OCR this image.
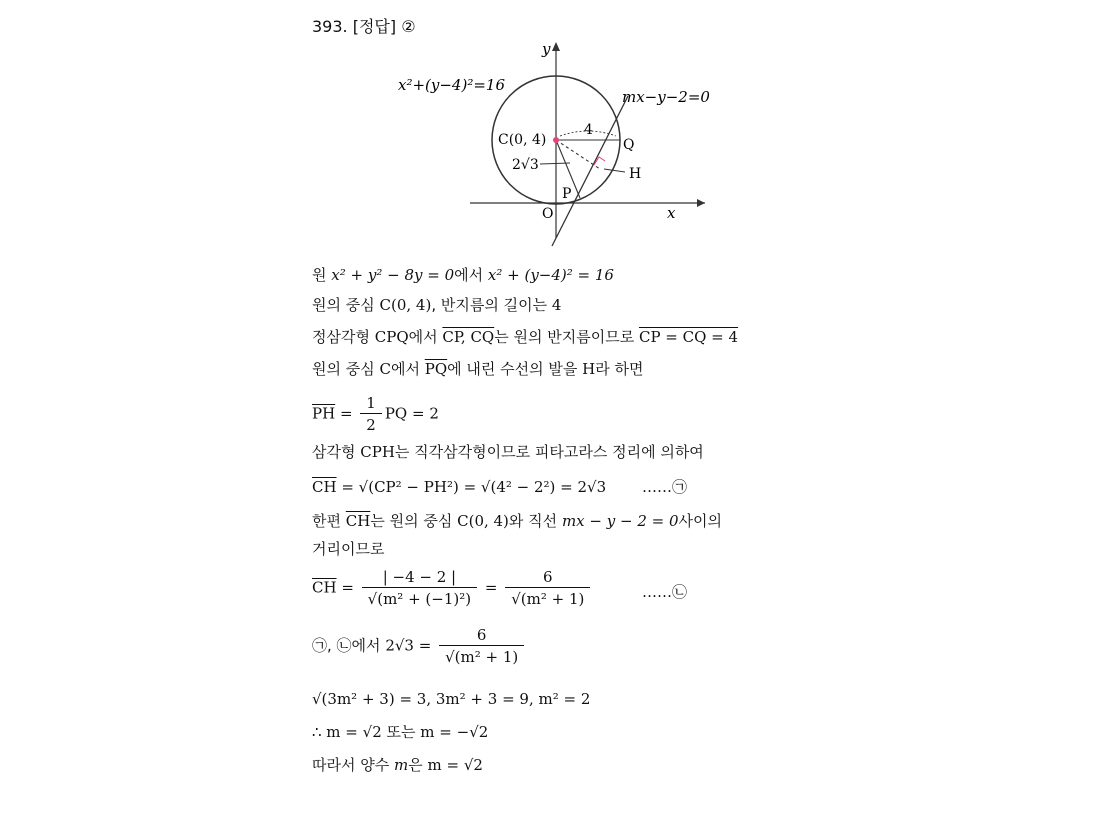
393. [정답] ②
x²+(y−4)²=16
mx−y−2=0
C(0, 4)
4
2√3
Q
H
P
O	x
y
원 x² + y² − 8y = 0에서 x² + (y−4)² = 16
원의 중심 C(0, 4), 반지름의 길이는 4
정삼각형 CPQ에서 CP, CQ는 원의 반지름이므로 CP = CQ = 4
원의 중심 C에서 $\overline{PQ}$에 내린 수선의 발을 H라 하면
$\overline{PH} = \frac{1}{2}$ PQ = 2
삼각형 CPH는 직각삼각형이므로 피타고라스 정리에 의하여
$\overline{CH} = √(CP^2 - PH^2) = √(4^2 - 2^2) = 2√3$ ……㉠
한편 $\overline{CH}$는 원의 중심 C(0, 4)와 직선 mx − y − 2 = 0사이의
거리이므로
$\overline{CH} = \frac{| -4 - 2 |}{\text{√(m² + (−1)²)}} = \frac{6}{\text{√(m² + 1)}}$	……㉡
㉠, ㉡에서 $2√3 = \frac{6}{\text{√(m² + 1)}}$
√(3m² + 3) = 3, 3m² + 3 = 9, m² = 2
∴ m = √2 또는 m = −√2
따라서 양수 m은 m = √2
